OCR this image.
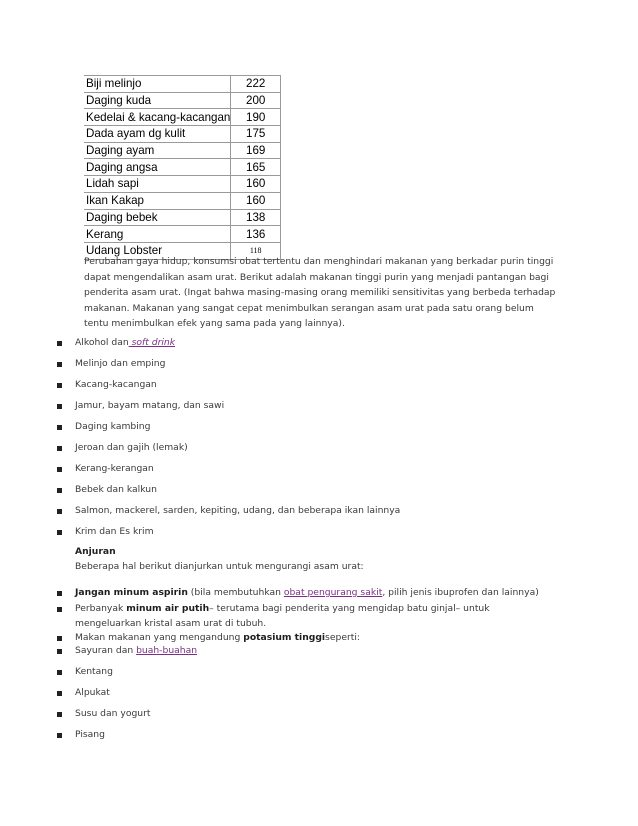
Biji melinjo	222
Daging kuda	200
Kedelai & kacang-kacangan	190
Dada ayam dg kulit	175
Daging ayam	169
Daging angsa	165
Lidah sapi	160
Ikan Kakap	160
Daging bebek	138
Kerang	136
Udang Lobster	118
Perubahan gaya hidup, konsumsi obat tertentu dan menghindari makanan yang berkadar purin tinggi
dapat mengendalikan asam urat. Berikut adalah makanan tinggi purin yang menjadi pantangan bagi
penderita asam urat. (Ingat bahwa masing-masing orang memiliki sensitivitas yang berbeda terhadap
makanan. Makanan yang sangat cepat menimbulkan serangan asam urat pada satu orang belum
tentu menimbulkan efek yang sama pada yang lainnya).
Alkohol dan soft drink
Melinjo dan emping
Kacang-kacangan
Jamur, bayam matang, dan sawi
Daging kambing
Jeroan dan gajih (lemak)
Kerang-kerangan
Bebek dan kalkun
Salmon, mackerel, sarden, kepiting, udang, dan beberapa ikan lainnya
Krim dan Es krim
Anjuran
Beberapa hal berikut dianjurkan untuk mengurangi asam urat:
Jangan minum aspirin (bila membutuhkan obat pengurang sakit, pilih jenis ibuprofen dan lainnya)
Perbanyak minum air putih– terutama bagi penderita yang mengidap batu ginjal– untuk
mengeluarkan kristal asam urat di tubuh.
Makan makanan yang mengandung potasium tinggiseperti:
Sayuran dan buah-buahan
Kentang
Alpukat
Susu dan yogurt
Pisang
